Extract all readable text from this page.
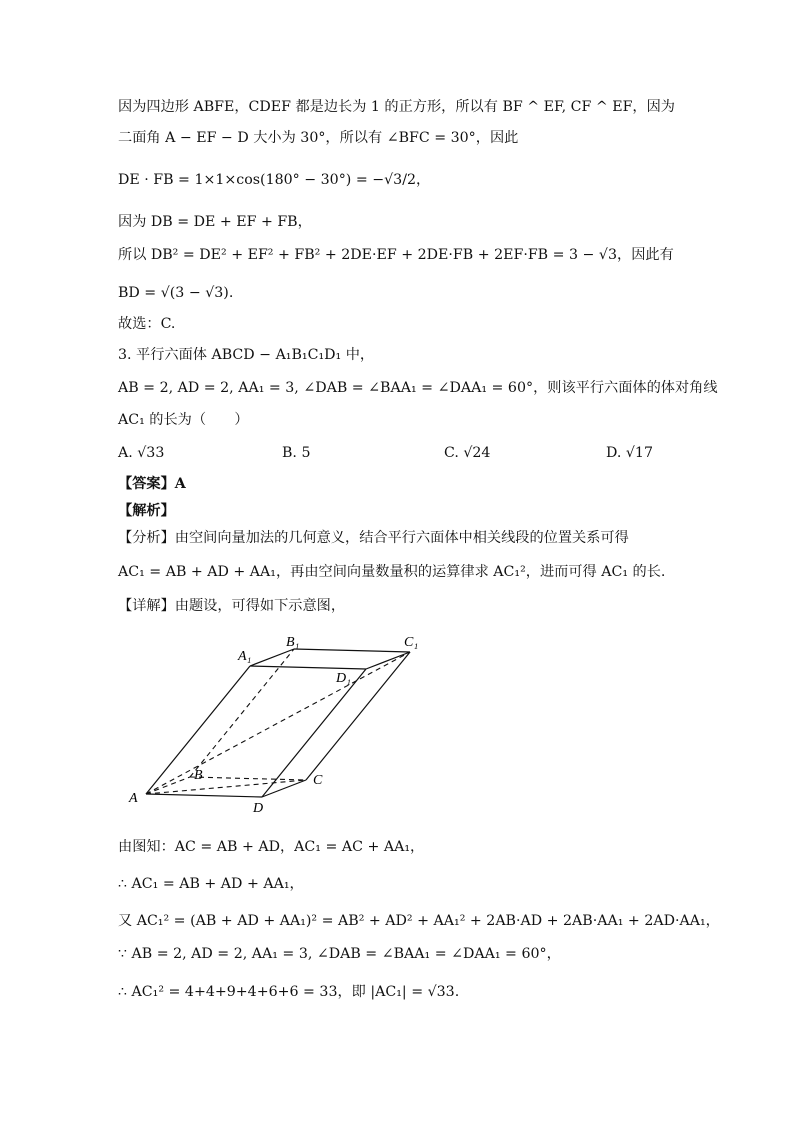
因为四边形 ABFE，CDEF 都是边长为 1 的正方形，所以有 BF ^ EF, CF ^ EF，因为
二面角 A − EF − D 大小为 30°，所以有 ∠BFC = 30°，因此
DE · FB = 1×1×cos(180° − 30°) = −√3/2，
因为 DB = DE + EF + FB，
所以 DB² = DE² + EF² + FB² + 2DE·EF + 2DE·FB + 2EF·FB = 3 − √3，因此有
BD = √(3 − √3).
故选：C.
3. 平行六面体 ABCD − A₁B₁C₁D₁ 中，
AB = 2, AD = 2, AA₁ = 3, ∠DAB = ∠BAA₁ = ∠DAA₁ = 60°，则该平行六面体的体对角线
AC₁ 的长为（　　）
A. √33	B. 5	C. √24	D. √17
【答案】A
【解析】
【分析】由空间向量加法的几何意义，结合平行六面体中相关线段的位置关系可得
AC₁ = AB + AD + AA₁，再由空间向量数量积的运算律求 AC₁²，进而可得 AC₁ 的长.
【详解】由题设，可得如下示意图，
A₁
B₁	C₁
D₁
B	C
A
D
由图知：AC = AB + AD，AC₁ = AC + AA₁，
∴ AC₁ = AB + AD + AA₁，
又 AC₁² = (AB + AD + AA₁)² = AB² + AD² + AA₁² + 2AB·AD + 2AB·AA₁ + 2AD·AA₁，
∵ AB = 2, AD = 2, AA₁ = 3, ∠DAB = ∠BAA₁ = ∠DAA₁ = 60°，
∴ AC₁² = 4+4+9+4+6+6 = 33，即 |AC₁| = √33.
